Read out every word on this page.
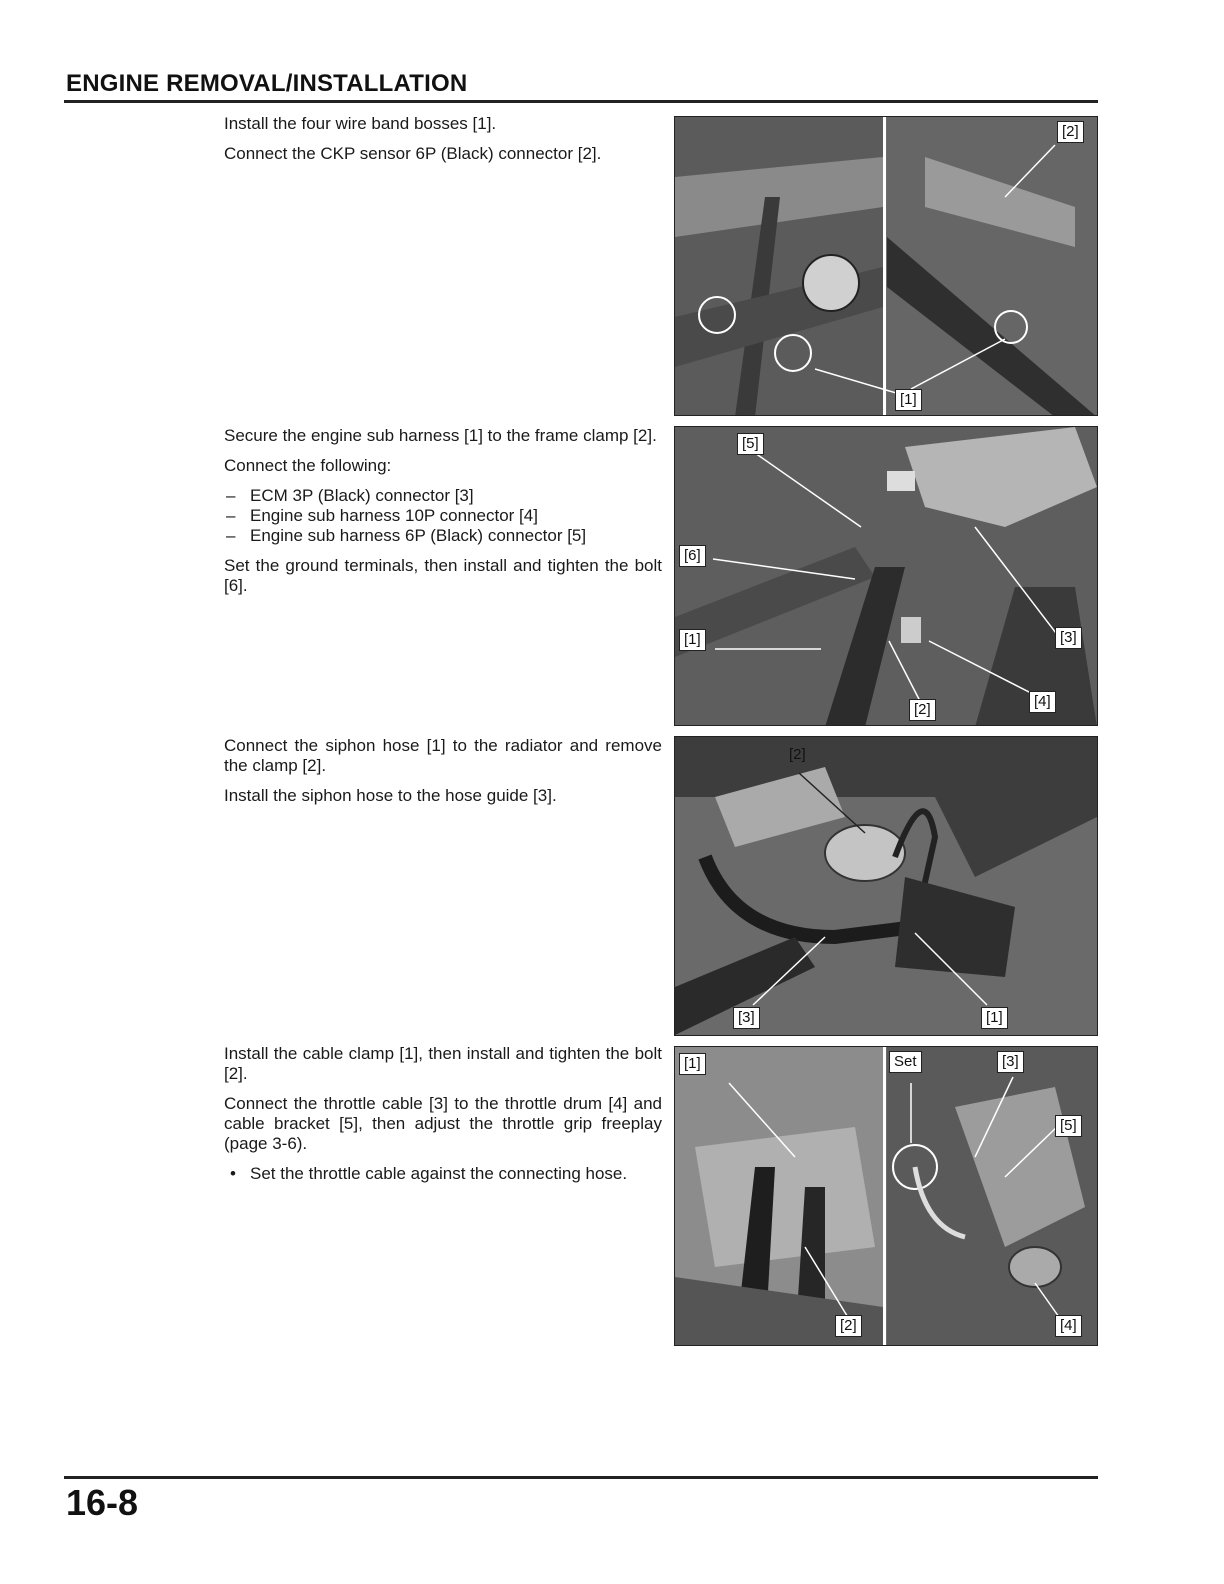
ENGINE REMOVAL/INSTALLATION

Install the four wire band bosses [1].

Connect the CKP sensor 6P (Black) connector [2].

[2]
[1]

Secure the engine sub harness [1] to the frame clamp [2].

Connect the following:

– ECM 3P (Black) connector [3]
– Engine sub harness 10P connector [4]
– Engine sub harness 6P (Black) connector [5]

Set the ground terminals, then install and tighten the bolt [6].

[5]
[6]
[1]	[3]
[2]	[4]

Connect the siphon hose [1] to the radiator and remove the clamp [2].

Install the siphon hose to the hose guide [3].

[2]
[3]	[1]

Install the cable clamp [1], then install and tighten the bolt [2].

Connect the throttle cable [3] to the throttle drum [4] and cable bracket [5], then adjust the throttle grip freeplay (page 3-6).

• Set the throttle cable against the connecting hose.
[1]	Set	[3]
[5]
[2]	[4]
16-8
